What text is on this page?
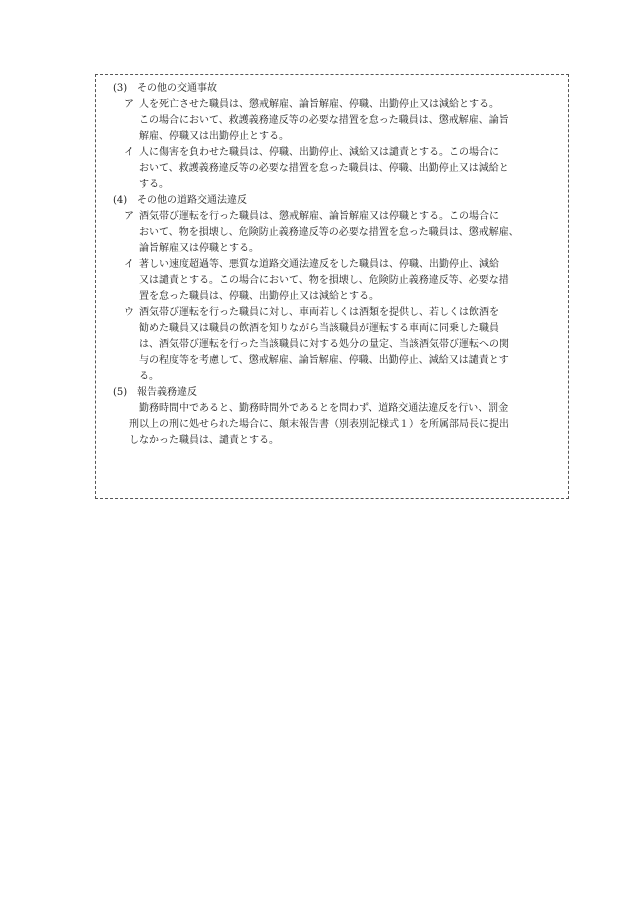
(3) その他の交通事故
ア 人を死亡させた職員は、懲戒解雇、論旨解雇、停職、出勤停止又は減給とする。
この場合において、救護義務違反等の必要な措置を怠った職員は、懲戒解雇、論旨
解雇、停職又は出勤停止とする。
イ 人に傷害を負わせた職員は、停職、出勤停止、減給又は譴責とする。この場合に
おいて、救護義務違反等の必要な措置を怠った職員は、停職、出勤停止又は減給と
する。
(4) その他の道路交通法違反
ア 酒気帯び運転を行った職員は、懲戒解雇、論旨解雇又は停職とする。この場合に
おいて、物を損壊し、危険防止義務違反等の必要な措置を怠った職員は、懲戒解雇、
論旨解雇又は停職とする。
イ 著しい速度超過等、悪質な道路交通法違反をした職員は、停職、出勤停止、減給
又は譴責とする。この場合において、物を損壊し、危険防止義務違反等、必要な措
置を怠った職員は、停職、出勤停止又は減給とする。
ウ 酒気帯び運転を行った職員に対し、車両若しくは酒類を提供し、若しくは飲酒を
勧めた職員又は職員の飲酒を知りながら当該職員が運転する車両に同乗した職員
は、酒気帯び運転を行った当該職員に対する処分の量定、当該酒気帯び運転への関
与の程度等を考慮して、懲戒解雇、論旨解雇、停職、出勤停止、減給又は譴責とす
る。
(5) 報告義務違反
勤務時間中であると、勤務時間外であるとを問わず、道路交通法違反を行い、罰金
刑以上の刑に処せられた場合に、顛末報告書（別表別記様式１）を所属部局長に提出
しなかった職員は、譴責とする。
